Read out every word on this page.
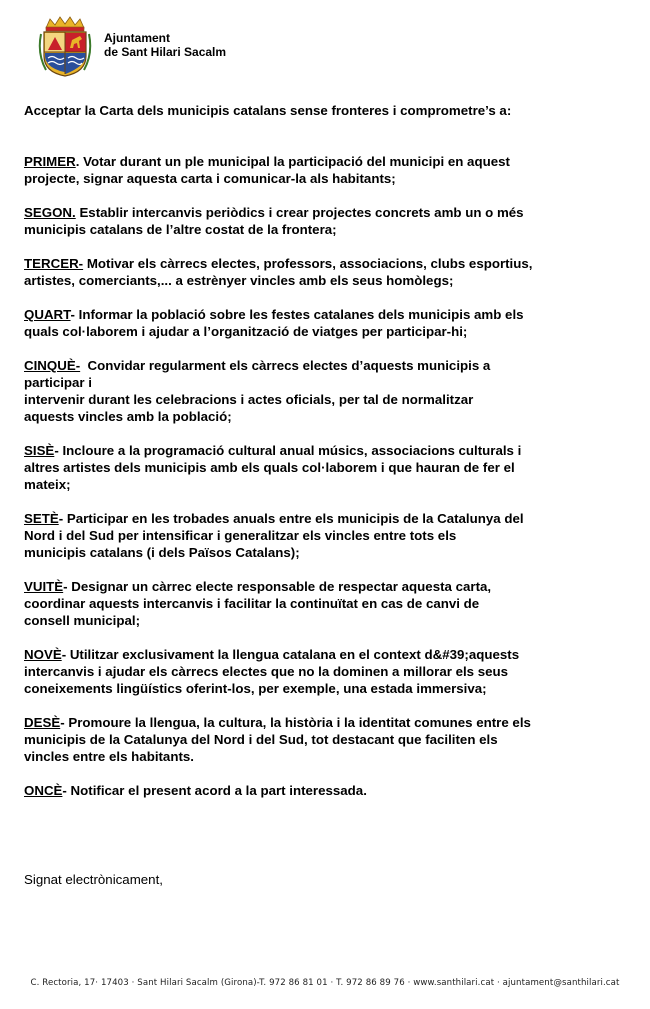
Ajuntament
de Sant Hilari Sacalm
Acceptar la Carta dels municipis catalans sense fronteres i comprometre’s a:
PRIMER. Votar durant un ple municipal la participació del municipi en aquest
projecte, signar aquesta carta i comunicar-la als habitants;
SEGON. Establir intercanvis periòdics i crear projectes concrets amb un o més
municipis catalans de l’altre costat de la frontera;
TERCER- Motivar els càrrecs electes, professors, associacions, clubs esportius,
artistes, comerciants,... a estrènyer vincles amb els seus homòlegs;
QUART- Informar la població sobre les festes catalanes dels municipis amb els
quals col·laborem i ajudar a l’organització de viatges per participar-hi;
CINQUÈ- Convidar regularment els càrrecs electes d’aquests municipis a
participar i
intervenir durant les celebracions i actes oficials, per tal de normalitzar
aquests vincles amb la població;
SISÈ- Incloure a la programació cultural anual músics, associacions culturals i
altres artistes dels municipis amb els quals col·laborem i que hauran de fer el
mateix;
SETÈ- Participar en les trobades anuals entre els municipis de la Catalunya del
Nord i del Sud per intensificar i generalitzar els vincles entre tots els
municipis catalans (i dels Països Catalans);
VUITÈ- Designar un càrrec electe responsable de respectar aquesta carta,
coordinar aquests intercanvis i facilitar la continuïtat en cas de canvi de
consell municipal;
NOVÈ- Utilitzar exclusivament la llengua catalana en el context d&#39;aquests
intercanvis i ajudar els càrrecs electes que no la dominen a millorar els seus
coneixements lingüístics oferint-los, per exemple, una estada immersiva;
DESÈ- Promoure la llengua, la cultura, la història i la identitat comunes entre els
municipis de la Catalunya del Nord i del Sud, tot destacant que faciliten els
vincles entre els habitants.
ONCÈ- Notificar el present acord a la part interessada.
Signat electrònicament,
C. Rectoria, 17· 17403 · Sant Hilari Sacalm (Girona)-T. 972 86 81 01 · T. 972 86 89 76 · www.santhilari.cat · ajuntament@santhilari.cat
